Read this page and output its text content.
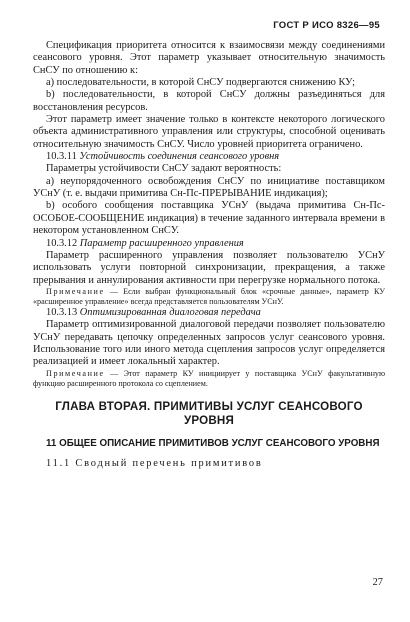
ГОСТ Р ИСО 8326—95

Спецификация приоритета относится к взаимосвязи между соединениями сеансового уровня. Этот параметр указывает относительную значимость СнСУ по отношению к:

а) последовательности, в которой СнСУ подвергаются снижению КУ;

b) последовательности, в которой СнСУ должны разъединяться для восстановления ресурсов.

Этот параметр имеет значение только в контексте некоторого логического объекта административного управления или структуры, способной оценивать относительную значимость СнСУ. Число уровней приоритета ограничено.

10.3.11 Устойчивость соединения сеансового уровня

Параметры устойчивости СнСУ задают вероятность:

а) неупорядоченного освобождения СнСУ по инициативе поставщиком УСнУ (т. е. выдачи примитива Сн-Пс-ПРЕРЫВАНИЕ индикация);

b) особого сообщения поставщика УСнУ (выдача примитива Сн-Пс-ОСОБОЕ-СООБЩЕНИЕ индикация) в течение заданного интервала времени в некотором установленном СнСУ.

10.3.12 Параметр расширенного управления

Параметр расширенного управления позволяет пользователю УСнУ использовать услуги повторной синхронизации, прекращения, а также прерывания и аннулирования активности при перегрузке нормального потока.

Примечание — Если выбран функциональный блок «срочные данные», параметр КУ «расширенное управление» всегда представляется пользователям УСнУ.

10.3.13 Оптимизированная диалоговая передача

Параметр оптимизированной диалоговой передачи позволяет пользователю УСнУ передавать цепочку определенных запросов услуг сеансового уровня. Использование того или иного метода сцепления запросов услуг определяется реализацией и имеет локальный характер.

Примечание — Этот параметр КУ инициирует у поставщика УСнУ факультативную функцию расширенного протокола со сцеплением.

ГЛАВА ВТОРАЯ. ПРИМИТИВЫ УСЛУГ СЕАНСОВОГО
УРОВНЯ
11 ОБЩЕЕ ОПИСАНИЕ ПРИМИТИВОВ УСЛУГ СЕАНСОВОГО УРОВНЯ
11.1 Сводный перечень примитивов
27
